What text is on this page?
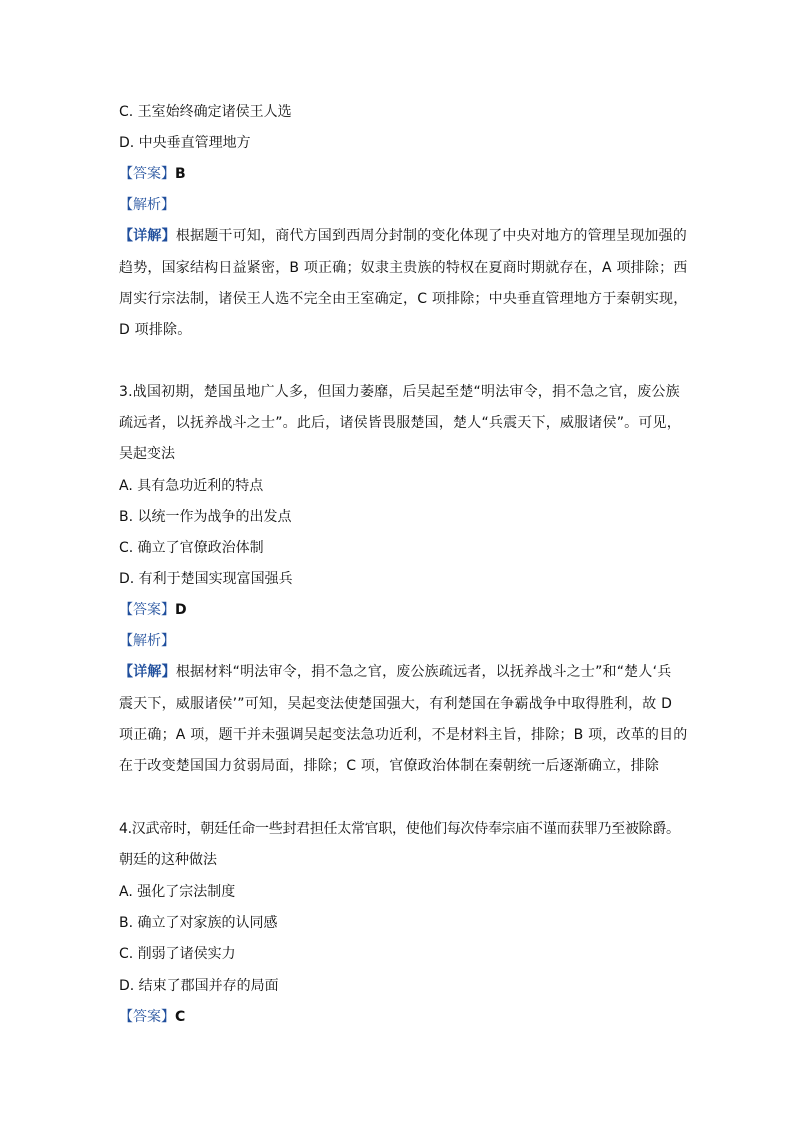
C. 王室始终确定诸侯王人选
D. 中央垂直管理地方
【答案】B
【解析】
【详解】根据题干可知，商代方国到西周分封制的变化体现了中央对地方的管理呈现加强的
趋势，国家结构日益紧密，B 项正确；奴隶主贵族的特权在夏商时期就存在，A 项排除；西
周实行宗法制，诸侯王人选不完全由王室确定，C 项排除；中央垂直管理地方于秦朝实现，
D 项排除。
3.战国初期，楚国虽地广人多，但国力萎靡，后吴起至楚“明法审令，捐不急之官，废公族
疏远者，以抚养战斗之士”。此后，诸侯皆畏服楚国，楚人“兵震天下，威服诸侯”。可见，
吴起变法
A. 具有急功近利的特点
B. 以统一作为战争的出发点
C. 确立了官僚政治体制
D. 有利于楚国实现富国强兵
【答案】D
【解析】
【详解】根据材料“明法审令，捐不急之官，废公族疏远者，以抚养战斗之士”和“楚人‘兵
震天下，威服诸侯’”可知，吴起变法使楚国强大，有利楚国在争霸战争中取得胜利，故 D
项正确；A 项，题干并未强调吴起变法急功近利，不是材料主旨，排除；B 项，改革的目的
在于改变楚国国力贫弱局面，排除；C 项，官僚政治体制在秦朝统一后逐渐确立，排除
4.汉武帝时，朝廷任命一些封君担任太常官职，使他们每次侍奉宗庙不谨而获罪乃至被除爵。
朝廷的这种做法
A. 强化了宗法制度
B. 确立了对家族的认同感
C. 削弱了诸侯实力
D. 结束了郡国并存的局面
【答案】C
